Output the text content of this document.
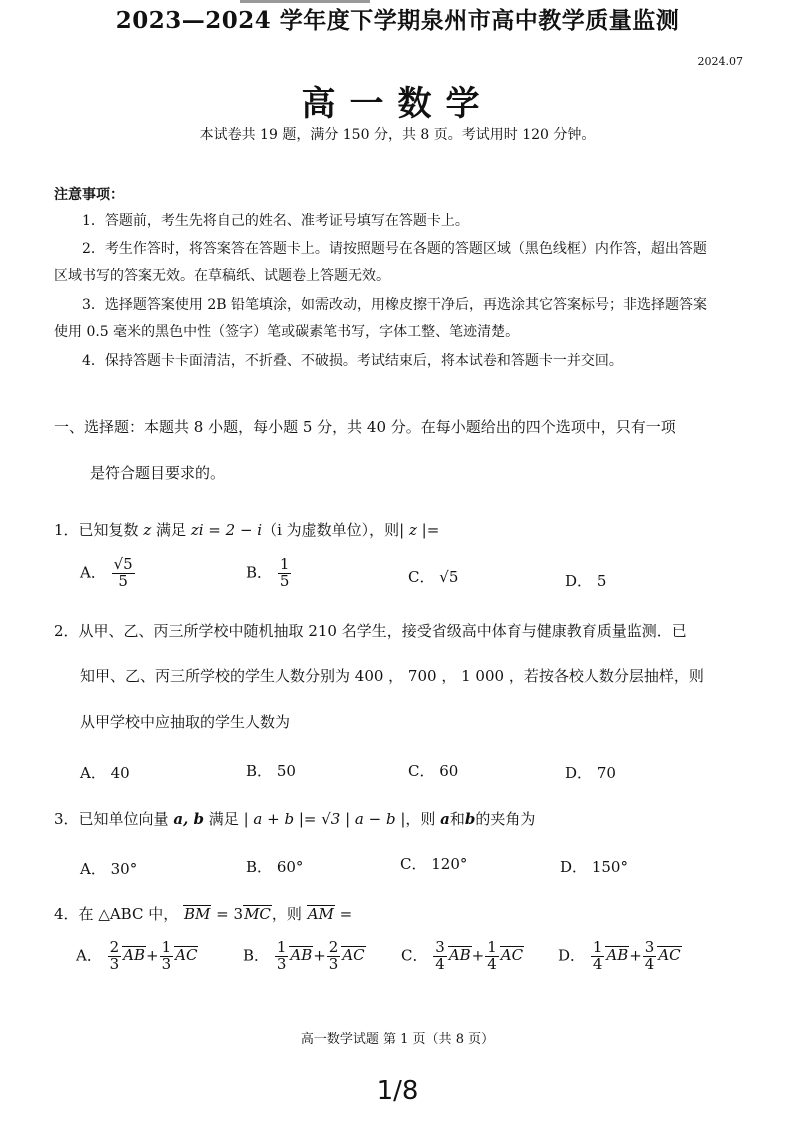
2023—2024 学年度下学期泉州市高中教学质量监测
2024.07
高一数学
本试卷共 19 题，满分 150 分，共 8 页。考试用时 120 分钟。
注意事项：
1．答题前，考生先将自己的姓名、准考证号填写在答题卡上。
2．考生作答时，将答案答在答题卡上。请按照题号在各题的答题区域（黑色线框）内作答，超出答题区域书写的答案无效。在草稿纸、试题卷上答题无效。
3．选择题答案使用 2B 铅笔填涂，如需改动，用橡皮擦干净后，再选涂其它答案标号；非选择题答案使用 0.5 毫米的黑色中性（签字）笔或碳素笔书写，字体工整、笔迹清楚。
4．保持答题卡卡面清洁，不折叠、不破损。考试结束后，将本试卷和答题卡一并交回。
一、选择题：本题共 8 小题，每小题 5 分，共 40 分。在每小题给出的四个选项中，只有一项
是符合题目要求的。
1．已知复数 z 满足 zi = 2 − i（i 为虚数单位），则| z |=
A． $\frac{√5}{5}$	B． $\frac{1}{5}$	C． √5	D． 5
2．从甲、乙、丙三所学校中随机抽取 210 名学生，接受省级高中体育与健康教育质量监测．已
知甲、乙、丙三所学校的学生人数分别为 400 ， 700 ， 1 000 ，若按各校人数分层抽样，则
从甲学校中应抽取的学生人数为
A． 40	B． 50	C． 60	D． 70
3．已知单位向量 a, b 满足 | a + b |= √3 | a − b |，则 a和b的夹角为
A． 30°	B． 60°	C． 120°	D． 150°
4．在 △ABC 中， BM = 3MC，则 AM =
A． $\frac{2}{3} AB+ \frac{1}{3}$ AC	B． $\frac{1}{3} AB+ \frac{2}{3}$ AC C． $\frac{3}{4} AB+ \frac{1}{4}$ AC D． $\frac{1}{4} AB+ \frac{3}{4}$ AC
高一数学试题 第 1 页（共 8 页）
1/8
